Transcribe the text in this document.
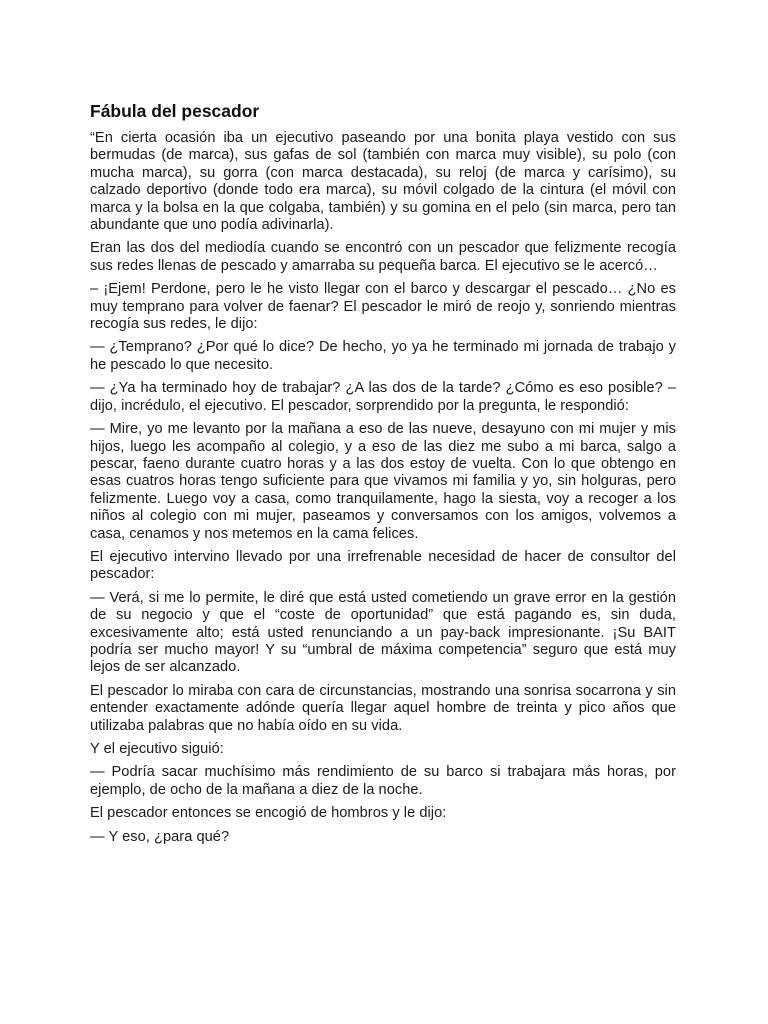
Fábula del pescador

“En cierta ocasión iba un ejecutivo paseando por una bonita playa vestido con sus bermudas (de marca), sus gafas de sol (también con marca muy visible), su polo (con mucha marca), su gorra (con marca destacada), su reloj (de marca y carísimo), su calzado deportivo (donde todo era marca), su móvil colgado de la cintura (el móvil con marca y la bolsa en la que colgaba, también) y su gomina en el pelo (sin marca, pero tan abundante que uno podía adivinarla).

Eran las dos del mediodía cuando se encontró con un pescador que felizmente recogía sus redes llenas de pescado y amarraba su pequeña barca. El ejecutivo se le acercó…

– ¡Ejem! Perdone, pero le he visto llegar con el barco y descargar el pescado… ¿No es muy temprano para volver de faenar? El pescador le miró de reojo y, sonriendo mientras recogía sus redes, le dijo:

— ¿Temprano? ¿Por qué lo dice? De hecho, yo ya he terminado mi jornada de trabajo y he pescado lo que necesito.

— ¿Ya ha terminado hoy de trabajar? ¿A las dos de la tarde? ¿Cómo es eso posible? –dijo, incrédulo, el ejecutivo. El pescador, sorprendido por la pregunta, le respondió:

— Mire, yo me levanto por la mañana a eso de las nueve, desayuno con mi mujer y mis hijos, luego les acompaño al colegio, y a eso de las diez me subo a mi barca, salgo a pescar, faeno durante cuatro horas y a las dos estoy de vuelta. Con lo que obtengo en esas cuatros horas tengo suficiente para que vivamos mi familia y yo, sin holguras, pero felizmente. Luego voy a casa, como tranquilamente, hago la siesta, voy a recoger a los niños al colegio con mi mujer, paseamos y conversamos con los amigos, volvemos a casa, cenamos y nos metemos en la cama felices.

El ejecutivo intervino llevado por una irrefrenable necesidad de hacer de consultor del pescador:

— Verá, si me lo permite, le diré que está usted cometiendo un grave error en la gestión de su negocio y que el “coste de oportunidad” que está pagando es, sin duda, excesivamente alto; está usted renunciando a un pay-back impresionante. ¡Su BAIT podría ser mucho mayor! Y su “umbral de máxima competencia” seguro que está muy lejos de ser alcanzado.

El pescador lo miraba con cara de circunstancias, mostrando una sonrisa socarrona y sin entender exactamente adónde quería llegar aquel hombre de treinta y pico años que utilizaba palabras que no había oído en su vida.

Y el ejecutivo siguió:

— Podría sacar muchísimo más rendimiento de su barco si trabajara más horas, por ejemplo, de ocho de la mañana a diez de la noche.

El pescador entonces se encogió de hombros y le dijo:

— Y eso, ¿para qué?
